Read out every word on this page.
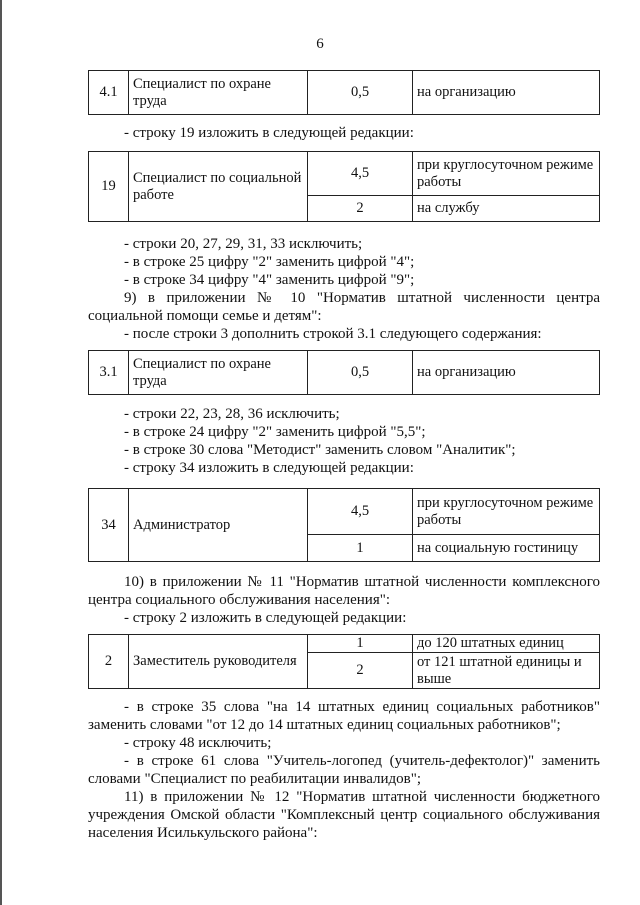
6
4.1	Специалист по охране труда	0,5	на организацию
- строку 19 изложить в следующей редакции:
19	Специалист по социальной работе	4,5	при круглосуточном режиме работы
		2	на службу
- строки 20, 27, 29, 31, 33 исключить;
- в строке 25 цифру "2" заменить цифрой "4";
- в строке 34 цифру "4" заменить цифрой "9";
9) в приложении № 10 "Норматив штатной численности центра
социальной помощи семье и детям":
- после строки 3 дополнить строкой 3.1 следующего содержания:
3.1	Специалист по охране труда	0,5	на организацию
- строки 22, 23, 28, 36 исключить;
- в строке 24 цифру "2" заменить цифрой "5,5";
- в строке 30 слова "Методист" заменить словом "Аналитик";
- строку 34 изложить в следующей редакции:
34	Администратор	4,5	при круглосуточном режиме работы
		1	на социальную гостиницу
10) в приложении № 11 "Норматив штатной численности комплексного
центра социального обслуживания населения":
- строку 2 изложить в следующей редакции:
2	Заместитель руководителя	1	до 120 штатных единиц
		2	от 121 штатной единицы и выше
- в строке 35 слова "на 14 штатных единиц социальных работников"
заменить словами "от 12 до 14 штатных единиц социальных работников";
- строку 48 исключить;
- в строке 61 слова "Учитель-логопед (учитель-дефектолог)" заменить
словами "Специалист по реабилитации инвалидов";
11) в приложении № 12 "Норматив штатной численности бюджетного
учреждения Омской области "Комплексный центр социального обслуживания
населения Исилькульского района":
